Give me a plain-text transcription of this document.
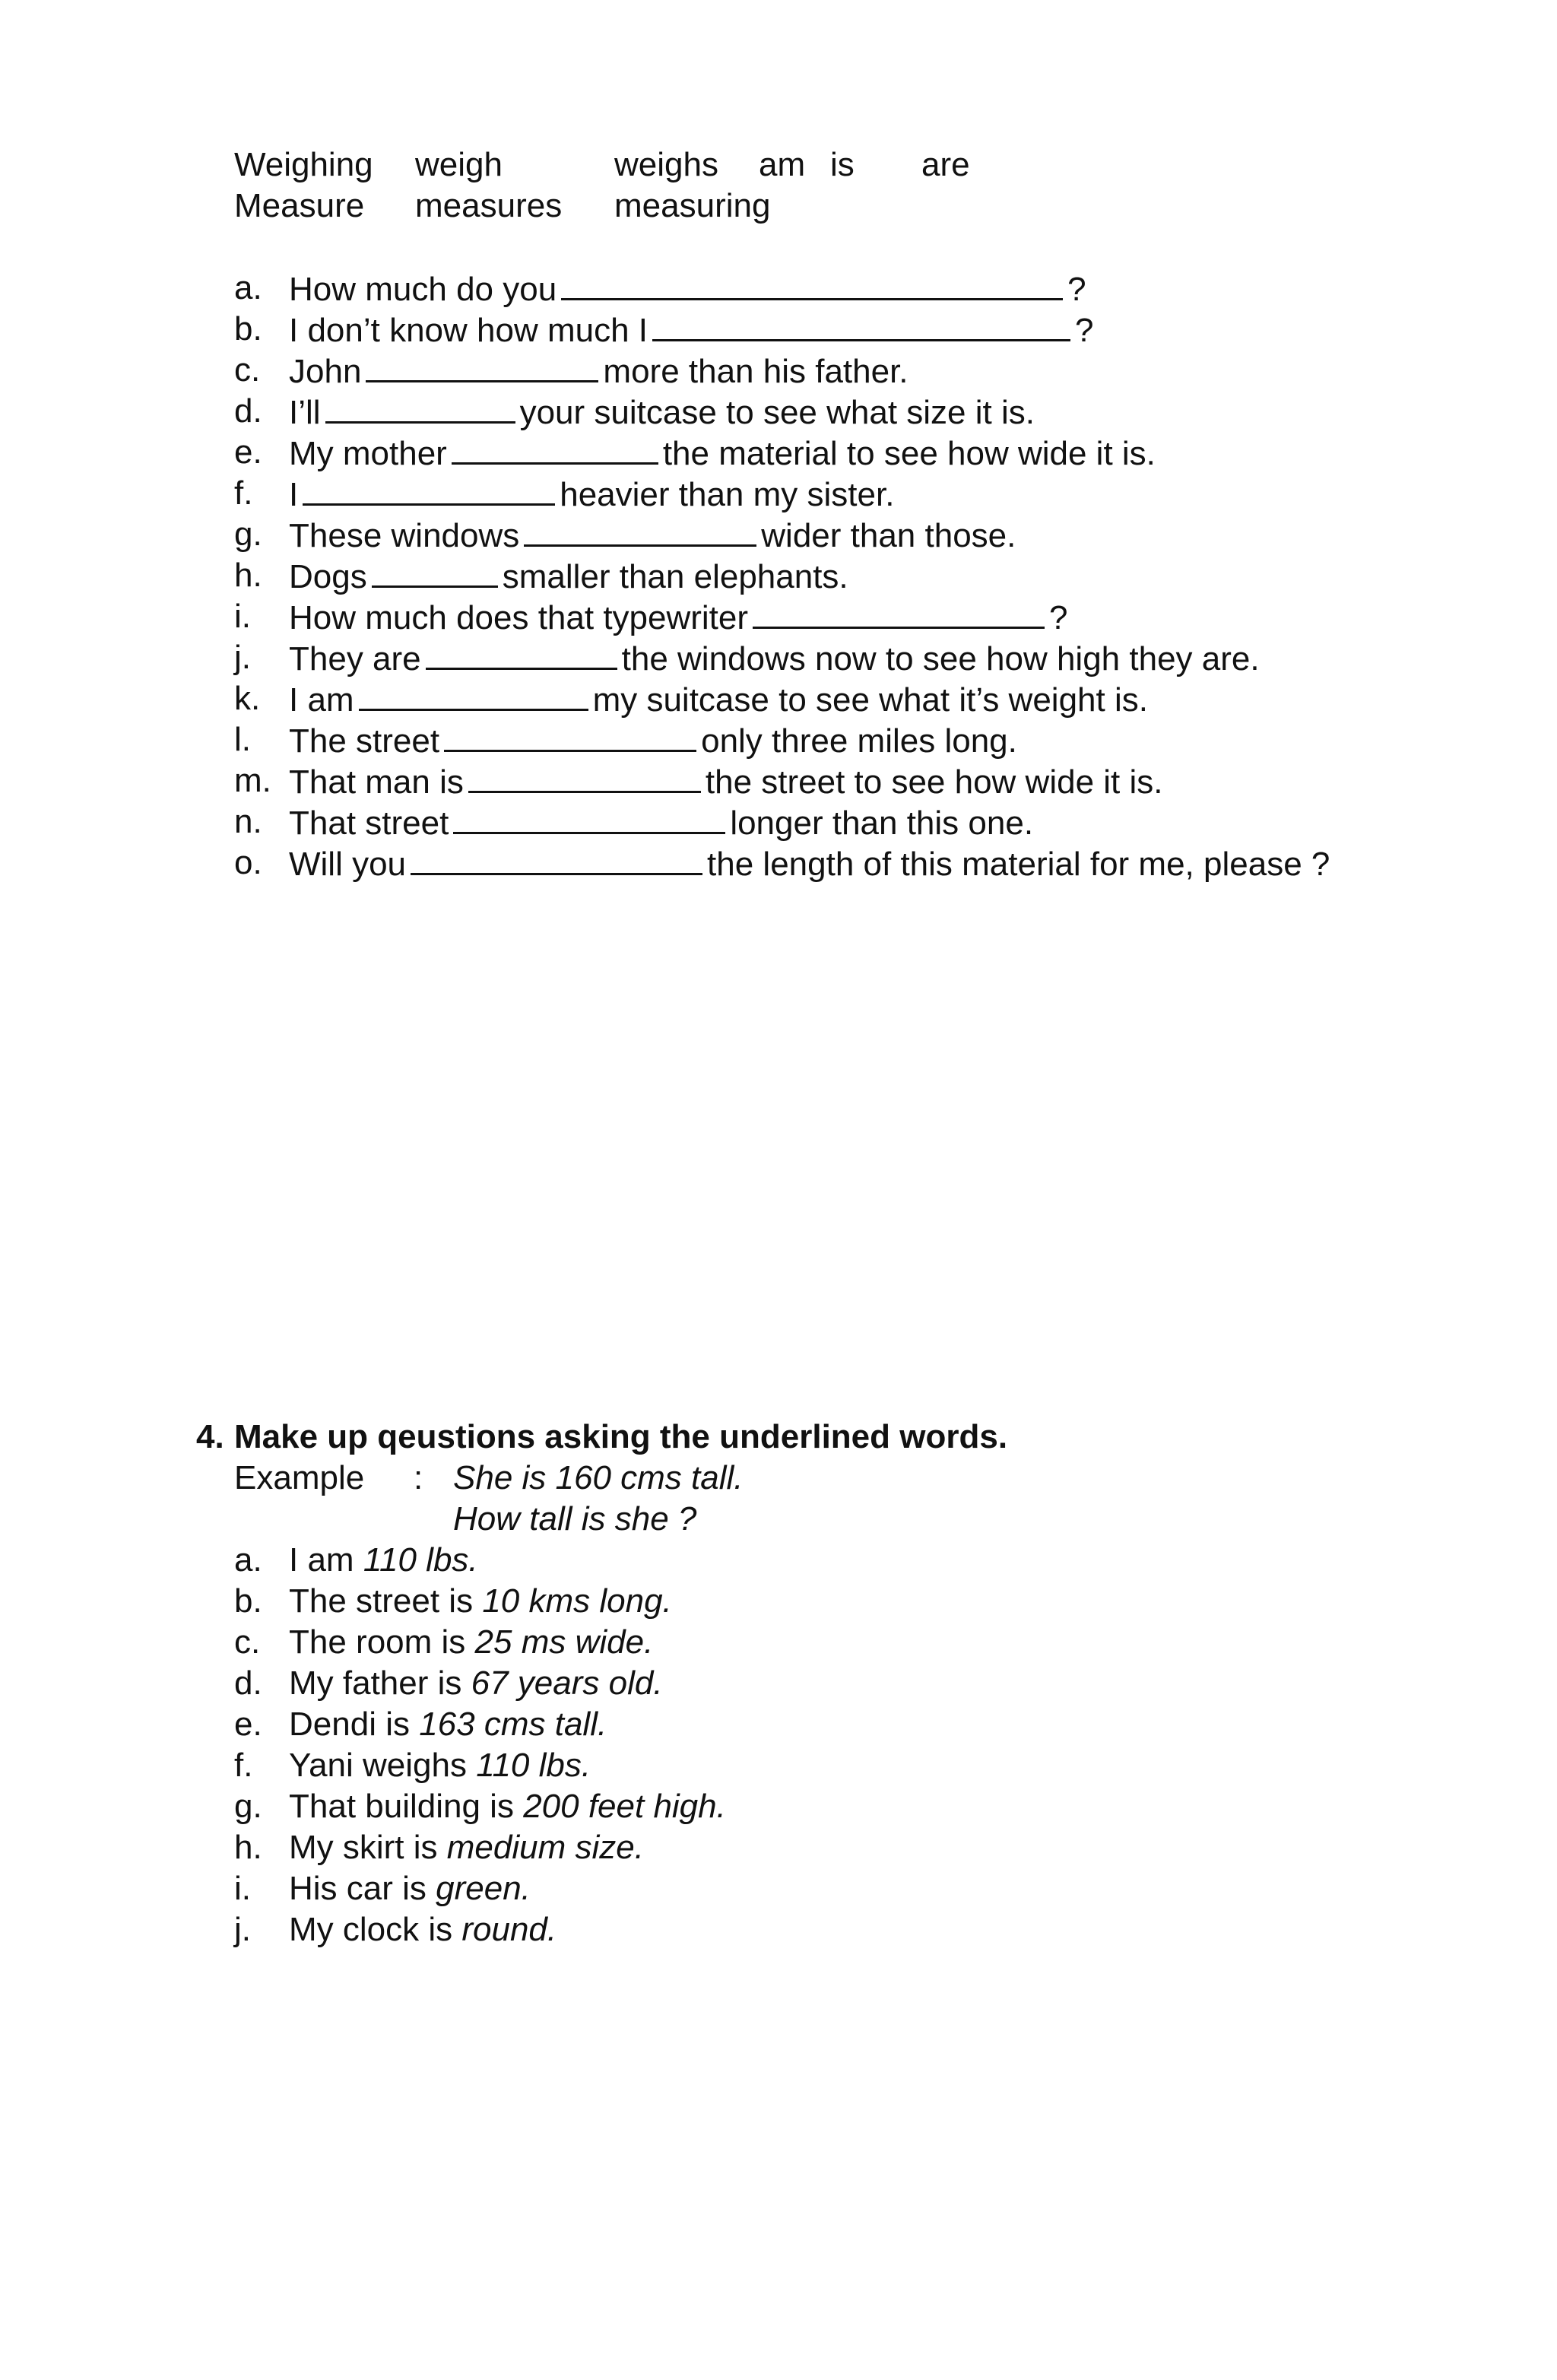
Weighing weigh	weighs am is are
Measure measures measuring
a. How much do you	?
b. I don’t know how much I	?
c. John	more than his father.
d. I’ll	your suitcase to see what size it is.
e. My mother	the material to see how wide it is.
f. I	heavier than my sister.
g. These windows	wider than those.
h. Dogs	smaller than elephants.
i. How much does that typewriter	?
j. They are	the windows now to see how high they are.
k. I am	my suitcase to see what it’s weight is.
l. The street	only three miles long.
m. That man is	the street to see how wide it is.
n. That street	longer than this one.
o. Will you	the length of this material for me, please ?
4. Make up qeustions asking the underlined words.
Example : She is 160 cms tall.
How tall is she ?
a. I am 110 lbs.
b. The street is 10 kms long.
c. The room is 25 ms wide.
d. My father is 67 years old.
e. Dendi is 163 cms tall.
f. Yani weighs 110 lbs.
g. That building is 200 feet high.
h. My skirt is medium size.
i. His car is green.
j. My clock is round.
